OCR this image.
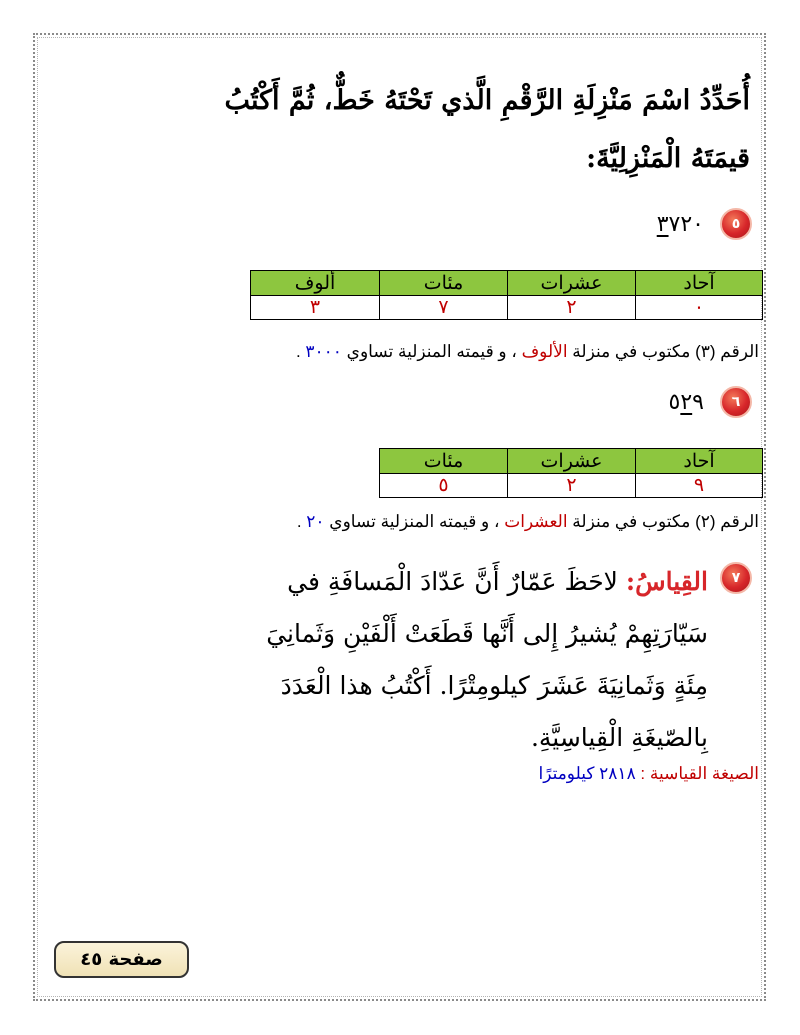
أُحَدِّدُ اسْمَ مَنْزِلَةِ الرَّقْمِ الَّذي تَحْتَهُ خَطٌّ، ثُمَّ أَكْتُبُ قيمَتَهُ الْمَنْزِلِيَّةَ:
٥
٣٧٢٠
آحاد	عشرات	مئات	ألوف
٠	٢	٧	٣
الرقم (٣) مكتوب في منزلة الألوف ، و قيمته المنزلية تساوي ٣٠٠٠ .
٦
٥٢٩
آحاد	عشرات	مئات
٩	٢	٥
الرقم (٢) مكتوب في منزلة العشرات ، و قيمته المنزلية تساوي ٢٠ .
٧
القِياسُ: لاحَظَ عَمّارٌ أَنَّ عَدّادَ الْمَسافَةِ في سَيّارَتِهِمْ يُشيرُ إِلى أَنَّها قَطَعَتْ أَلْفَيْنِ وَثَمانِيَ مِئَةٍ وَثَمانِيَةَ عَشَرَ كيلومِتْرًا. أَكْتُبُ هذا الْعَدَدَ بِالصّيغَةِ الْقِياسِيَّةِ.
الصيغة القياسية : ٢٨١٨ كيلومترًا
صفحة ٤٥
